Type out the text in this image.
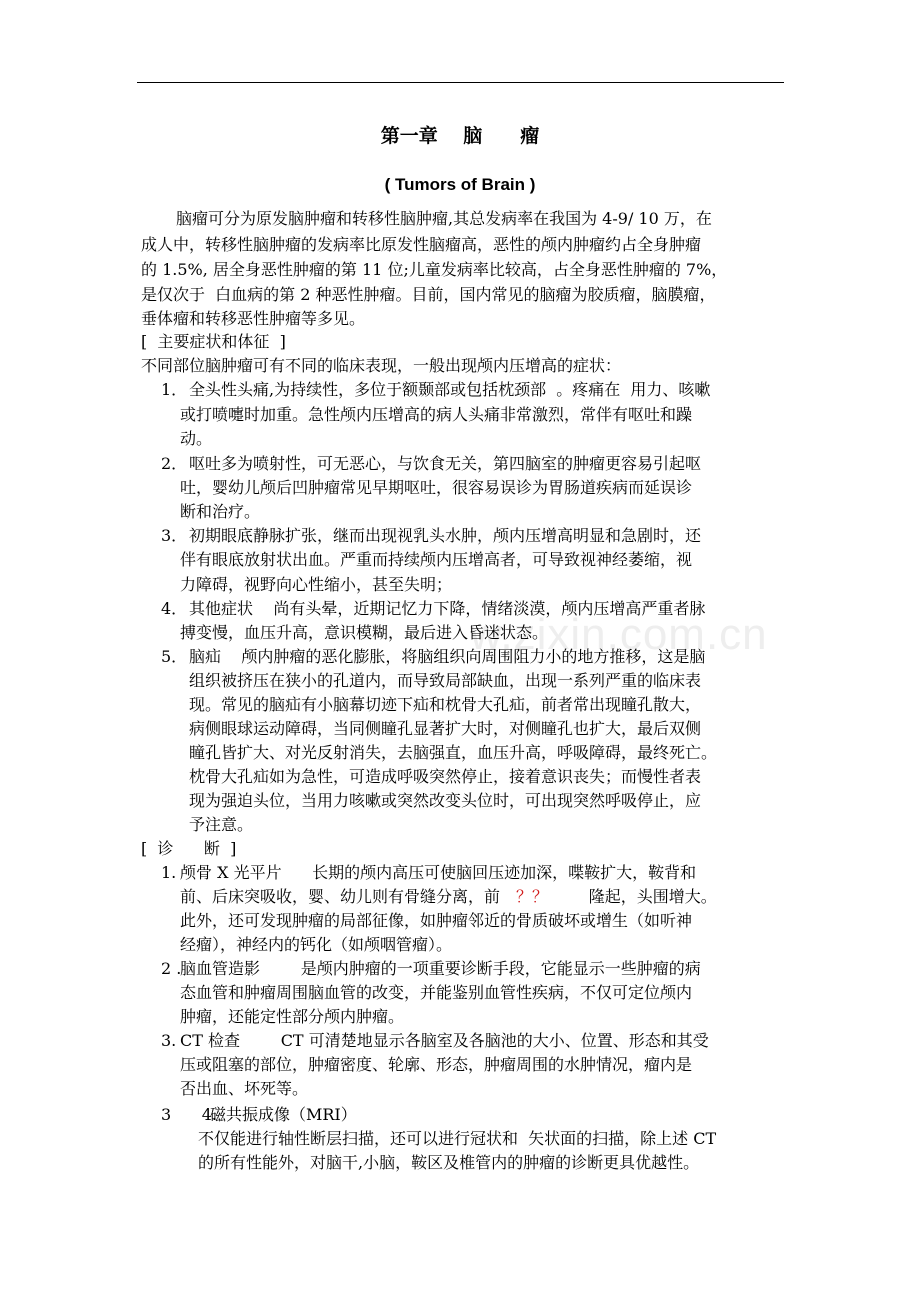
w.zixin.com.cn
第一章　 脑　　瘤
( Tumors of Brain )
脑瘤可分为原发脑肿瘤和转移性脑肿瘤,其总发病率在我国为 4-9/ 10 万，在
成人中，转移性脑肿瘤的发病率比原发性脑瘤高，恶性的颅内肿瘤约占全身肿瘤
的 1.5%, 居全身恶性肿瘤的第 11 位;儿童发病率比较高，占全身恶性肿瘤的 7%，
是仅次于  白血病的第 2 种恶性肿瘤。目前，国内常见的脑瘤为胶质瘤，脑膜瘤，
垂体瘤和转移恶性肿瘤等多见。
[  主要症状和体征  ]
不同部位脑肿瘤可有不同的临床表现，一般出现颅内压增高的症状：
1． 全头性头痛,为持续性，多位于额颞部或包括枕颈部  。疼痛在  用力、咳嗽
或打喷嚏时加重。急性颅内压增高的病人头痛非常激烈，常伴有呕吐和躁
动。
2． 呕吐多为喷射性，可无恶心，与饮食无关，第四脑室的肿瘤更容易引起呕
吐，婴幼儿颅后凹肿瘤常见早期呕吐，很容易误诊为胃肠道疾病而延误诊
断和治疗。
3． 初期眼底静脉扩张，继而出现视乳头水肿，颅内压增高明显和急剧时，还
伴有眼底放射状出血。严重而持续颅内压增高者，可导致视神经萎缩，视
力障碍，视野向心性缩小，甚至失明；
4． 其他症状    尚有头晕，近期记忆力下降，情绪淡漠，颅内压增高严重者脉
搏变慢，血压升高，意识模糊，最后进入昏迷状态。
5． 脑疝    颅内肿瘤的恶化膨胀，将脑组织向周围阻力小的地方推移，这是脑
组织被挤压在狭小的孔道内，而导致局部缺血，出现一系列严重的临床表
现。常见的脑疝有小脑幕切迹下疝和枕骨大孔疝，前者常出现瞳孔散大，
病侧眼球运动障碍，当同侧瞳孔显著扩大时，对侧瞳孔也扩大，最后双侧
瞳孔皆扩大、对光反射消失，去脑强直，血压升高，呼吸障碍，最终死亡。
枕骨大孔疝如为急性，可造成呼吸突然停止，接着意识丧失；而慢性者表
现为强迫头位，当用力咳嗽或突然改变头位时，可出现突然呼吸停止，应
予注意。
[  诊      断  ]
1. 颅骨 X 光平片      长期的颅内高压可使脑回压迹加深，喋鞍扩大，鞍背和
前、后床突吸收，婴、幼儿则有骨缝分离，前 ？？        隆起，头围增大。
此外，还可发现肿瘤的局部征像，如肿瘤邻近的骨质破坏或增生（如听神
经瘤），神经内的钙化（如颅咽管瘤）。
2 .
脑血管造影        是颅内肿瘤的一项重要诊断手段，它能显示一些肿瘤的病
态血管和肿瘤周围脑血管的改变，并能鉴别血管性疾病，不仅可定位颅内
肿瘤，还能定性部分颅内肿瘤。
3. CT 检查        CT 可清楚地显示各脑室及各脑池的大小、位置、形态和其受
压或阻塞的部位，肿瘤密度、轮廓、形态，肿瘤周围的水肿情况，瘤内是
否出血、坏死等。
3      4.
磁共振成像（MRI）
不仅能进行轴性断层扫描，还可以进行冠状和  矢状面的扫描，除上述 CT
的所有性能外，对脑干,小脑，鞍区及椎管内的肿瘤的诊断更具优越性。
